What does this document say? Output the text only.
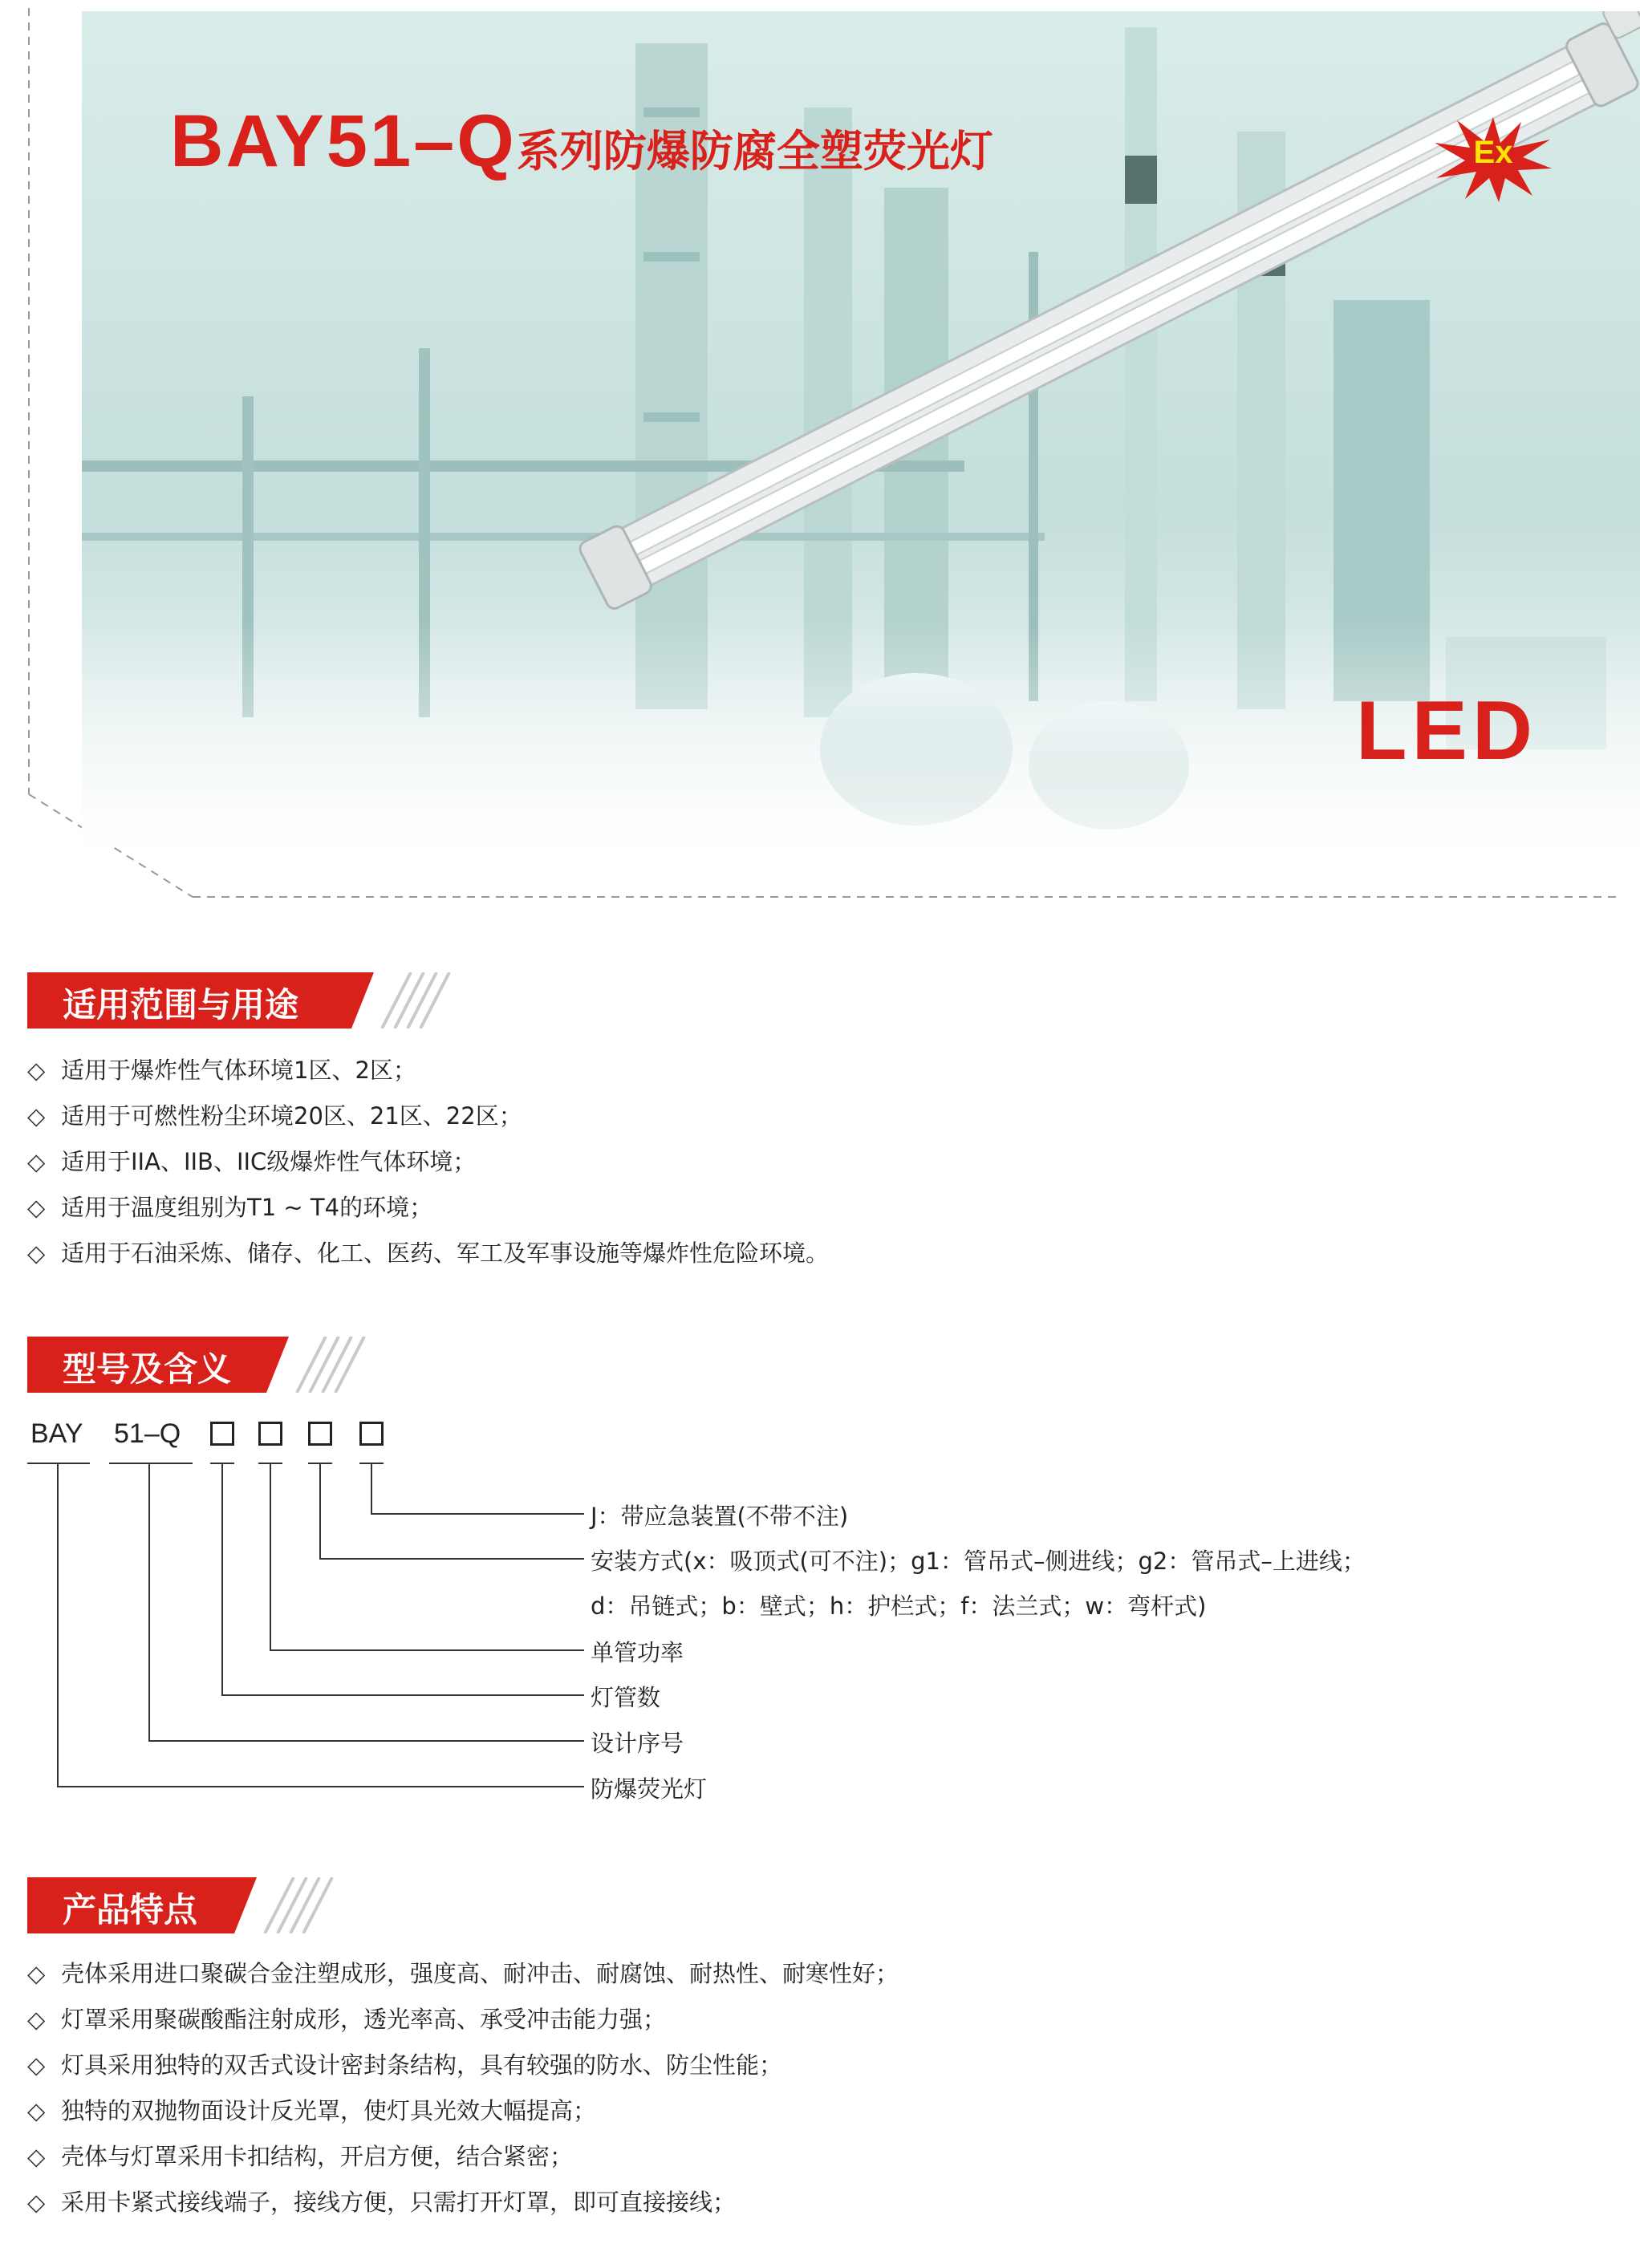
BAY51–Q系列防爆防腐全塑荧光灯	Ex
LED
适用范围与用途
◇ 适用于爆炸性气体环境1区、2区；
◇ 适用于可燃性粉尘环境20区、21区、22区；
◇ 适用于IIA、IIB、IIC级爆炸性气体环境；
◇ 适用于温度组别为T1 ~ T4的环境；
◇ 适用于石油采炼、储存、化工、医药、军工及军事设施等爆炸性危险环境。
型号及含义
BAY 51–Q
J：带应急装置(不带不注)
安装方式(x：吸顶式(可不注)；g1：管吊式–侧进线；g2：管吊式–上进线；
d：吊链式；b：壁式；h：护栏式；f：法兰式；w：弯杆式)
单管功率
灯管数
设计序号
防爆荧光灯
产品特点
◇ 壳体采用进口聚碳合金注塑成形，强度高、耐冲击、耐腐蚀、耐热性、耐寒性好；
◇ 灯罩采用聚碳酸酯注射成形，透光率高、承受冲击能力强；
◇ 灯具采用独特的双舌式设计密封条结构，具有较强的防水、防尘性能；
◇ 独特的双抛物面设计反光罩，使灯具光效大幅提高；
◇ 壳体与灯罩采用卡扣结构，开启方便，结合紧密；
◇ 采用卡紧式接线端子，接线方便，只需打开灯罩，即可直接接线；
